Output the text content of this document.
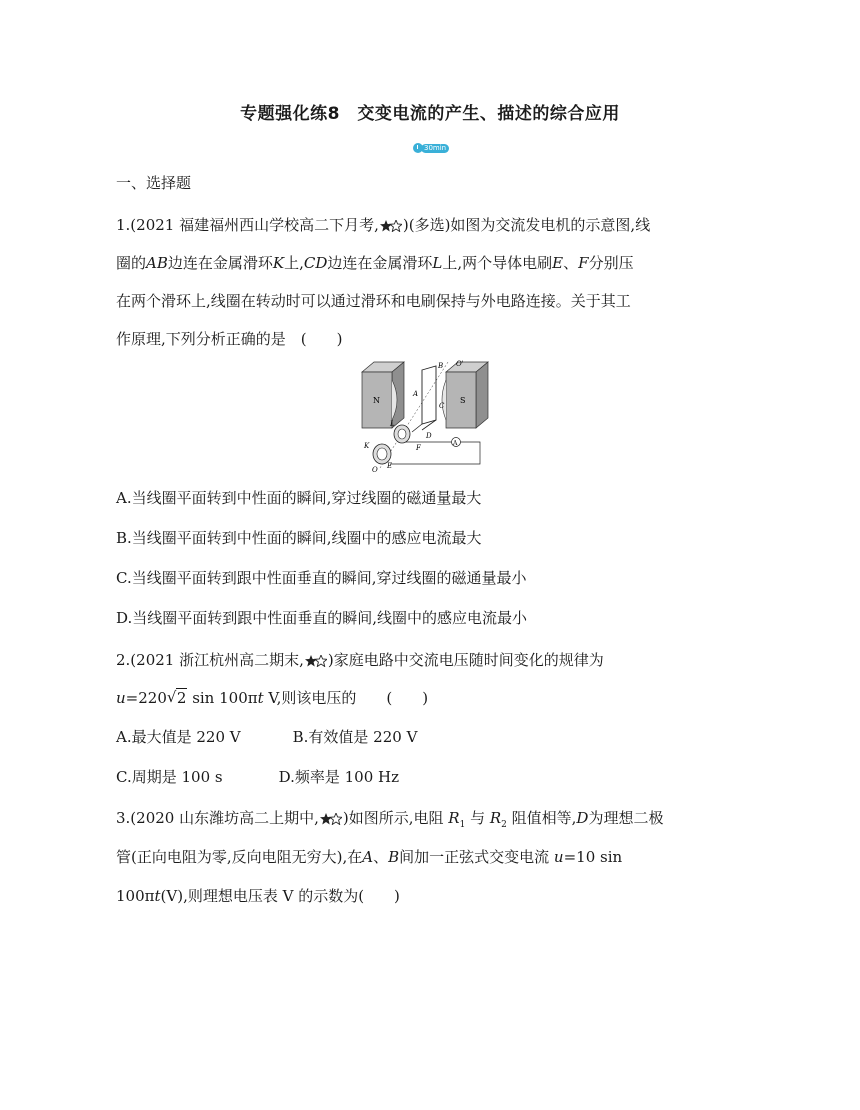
专题强化练8　交变电流的产生、描述的综合应用
30min
一、选择题
1.(2021 福建福州西山学校高二下月考, )(多选)如图为交流发电机的示意图,线
圈的AB边连在金属滑环K上,CD边连在金属滑环L上,两个导体电刷E、F分别压
在两个滑环上,线圈在转动时可以通过滑环和电刷保持与外电路连接。关于其工
作原理,下列分析正确的是　(　　)
B O'
N	S
A
C
L
D
F
A
K
E
O
A.当线圈平面转到中性面的瞬间,穿过线圈的磁通量最大
B.当线圈平面转到中性面的瞬间,线圈中的感应电流最大
C.当线圈平面转到跟中性面垂直的瞬间,穿过线圈的磁通量最小
D.当线圈平面转到跟中性面垂直的瞬间,线圈中的感应电流最小
2.(2021 浙江杭州高二期末, )家庭电路中交流电压随时间变化的规律为
u=220 √ 2 sin 100πt V,则该电压的　　(　　)
A.最大值是 220 V	B.有效值是 220 V
C.周期是 100 s	D.频率是 100 Hz
3.(2020 山东潍坊高二上期中, )如图所示,电阻 $R_1$ 与 $R_2$ 阻值相等,D为理想二极
管(正向电阻为零,反向电阻无穷大),在A、B间加一正弦式交变电流 u=10 sin
100πt(V),则理想电压表 V 的示数为(　　)
